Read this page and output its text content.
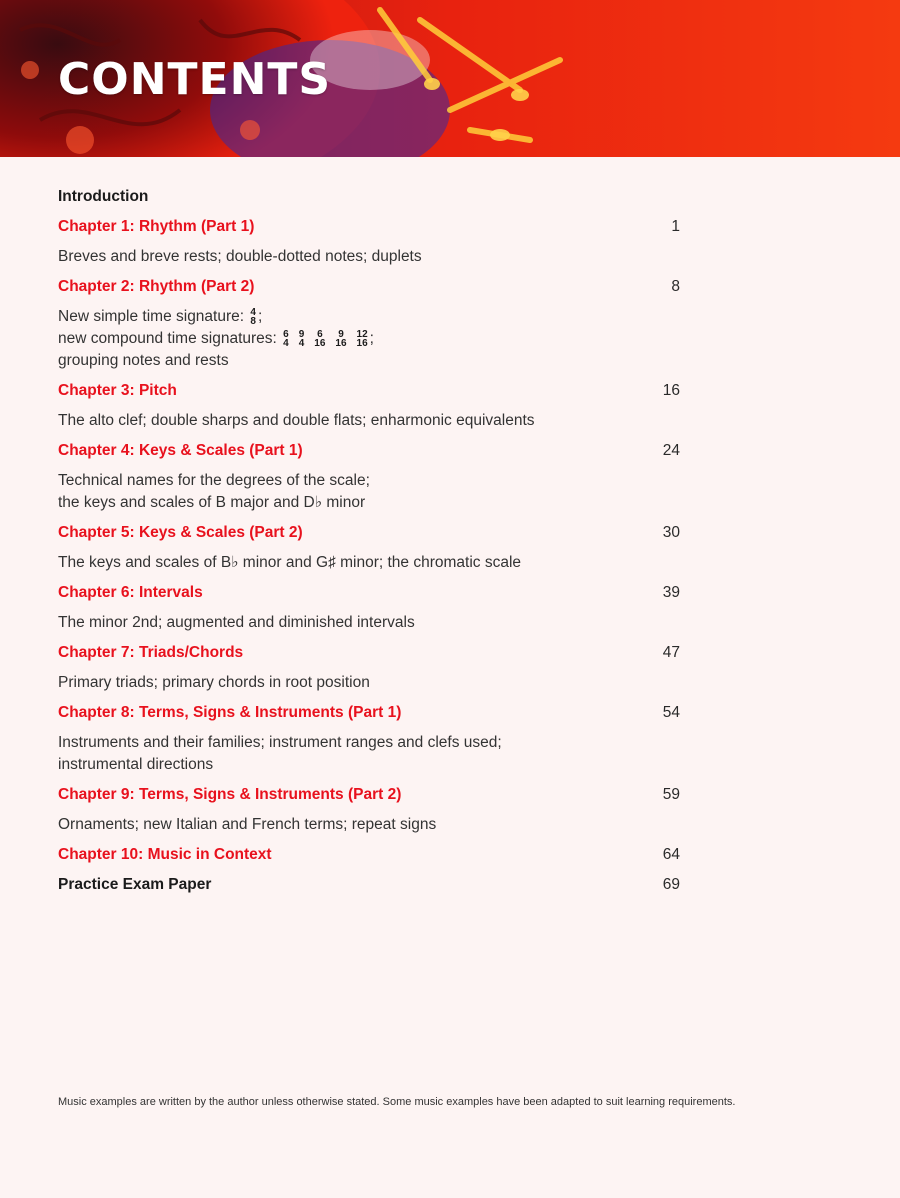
CONTENTS
Introduction
Chapter 1: Rhythm (Part 1)	1
Breves and breve rests; double-dotted notes; duplets
Chapter 2: Rhythm (Part 2)	8
New simple time signature: 4
8 ;
new compound time signatures: 6
4
9
4
6
16
9
16
12
16 ;
grouping notes and rests
Chapter 3: Pitch	16
The alto clef; double sharps and double flats; enharmonic equivalents
Chapter 4: Keys & Scales (Part 1)	24
Technical names for the degrees of the scale;
the keys and scales of B major and D♭ minor
Chapter 5: Keys & Scales (Part 2)	30
The keys and scales of B♭ minor and G♯ minor; the chromatic scale
Chapter 6: Intervals	39
The minor 2nd; augmented and diminished intervals
Chapter 7: Triads/Chords	47
Primary triads; primary chords in root position
Chapter 8: Terms, Signs & Instruments (Part 1)	54
Instruments and their families; instrument ranges and clefs used;
instrumental directions
Chapter 9: Terms, Signs & Instruments (Part 2)	59
Ornaments; new Italian and French terms; repeat signs
Chapter 10: Music in Context	64
Practice Exam Paper	69
Music examples are written by the author unless otherwise stated. Some music examples have been adapted to suit learning requirements.
